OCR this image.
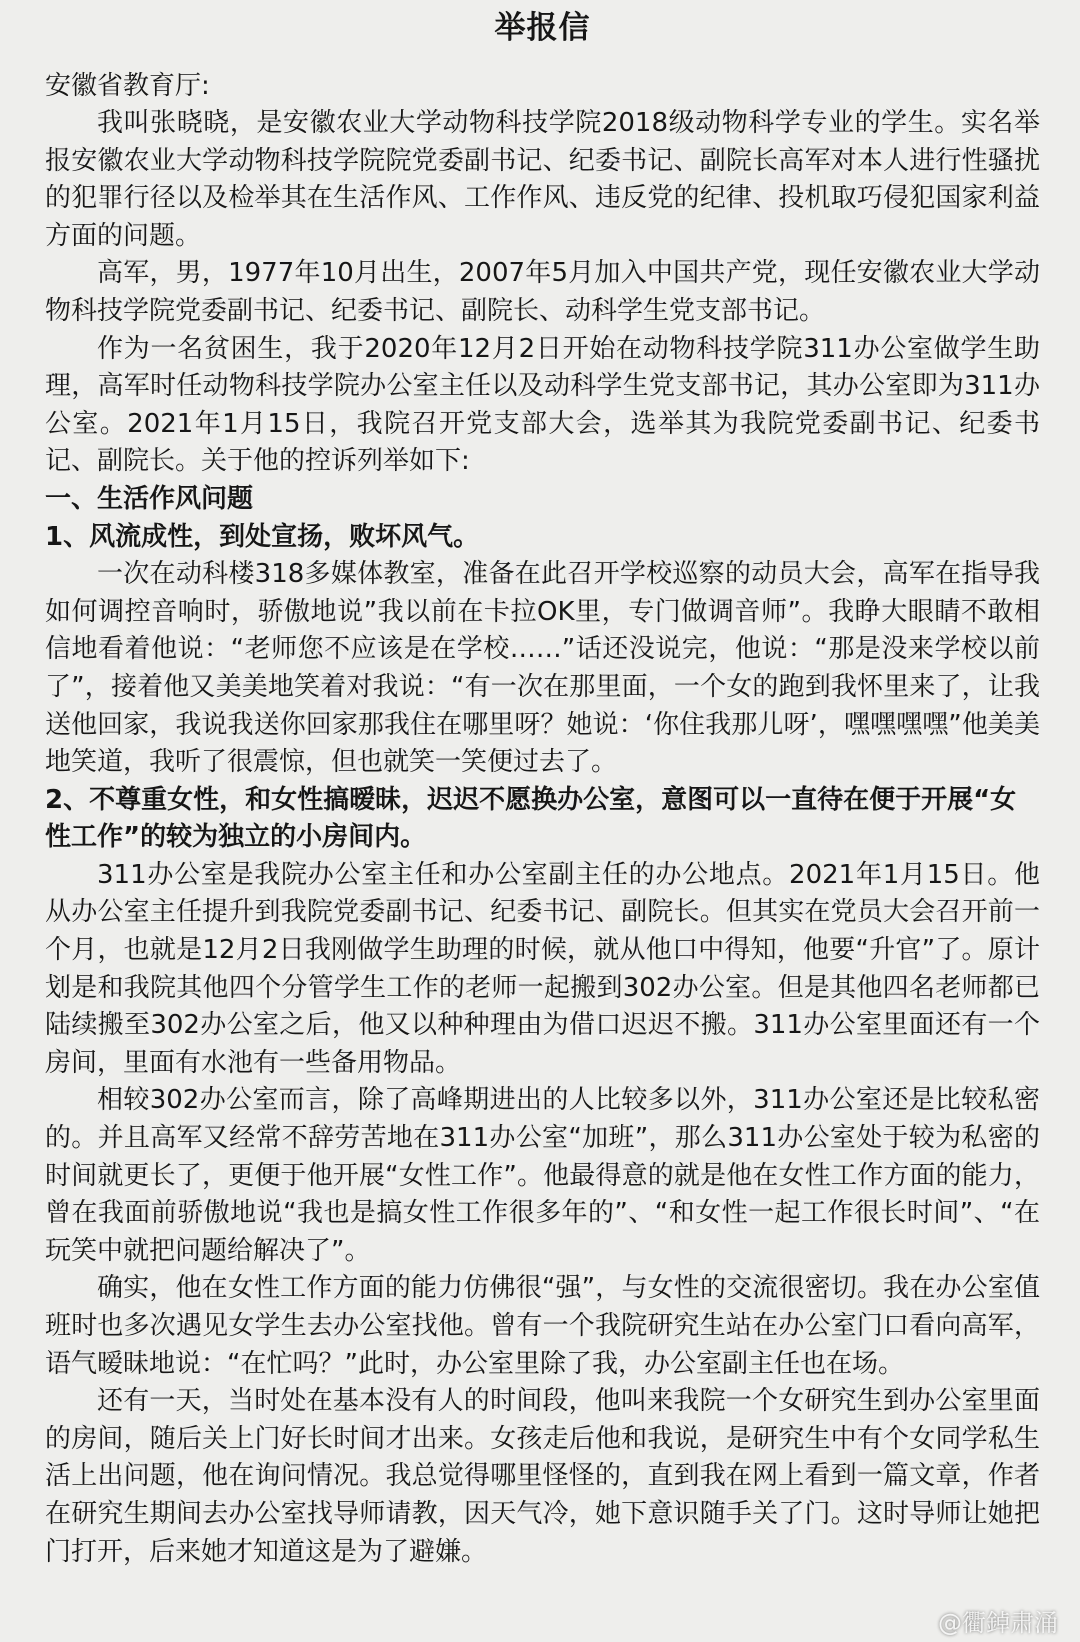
举报信

安徽省教育厅:

我叫张晓晓，是安徽农业大学动物科技学院2018级动物科学专业的学生。实名举报安徽农业大学动物科技学院院党委副书记、纪委书记、副院长高军对本人进行性骚扰的犯罪行径以及检举其在生活作风、工作作风、违反党的纪律、投机取巧侵犯国家利益方面的问题。

高军，男，1977年10月出生，2007年5月加入中国共产党，现任安徽农业大学动物科技学院党委副书记、纪委书记、副院长、动科学生党支部书记。

作为一名贫困生，我于2020年12月2日开始在动物科技学院311办公室做学生助理，高军时任动物科技学院办公室主任以及动科学生党支部书记，其办公室即为311办公室。2021年1月15日，我院召开党支部大会，选举其为我院党委副书记、纪委书记、副院长。关于他的控诉列举如下:

一、生活作风问题

1、风流成性，到处宣扬，败坏风气。

一次在动科楼318多媒体教室，准备在此召开学校巡察的动员大会，高军在指导我如何调控音响时，骄傲地说”我以前在卡拉OK里，专门做调音师”。我睁大眼睛不敢相信地看着他说：“老师您不应该是在学校……”话还没说完，他说：“那是没来学校以前了”，接着他又美美地笑着对我说：“有一次在那里面，一个女的跑到我怀里来了，让我送他回家，我说我送你回家那我住在哪里呀？她说：‘你住我那儿呀’，嘿嘿嘿嘿”他美美地笑道，我听了很震惊，但也就笑一笑便过去了。

2、不尊重女性，和女性搞暧昧，迟迟不愿换办公室，意图可以一直待在便于开展“女性工作”的较为独立的小房间内。

311办公室是我院办公室主任和办公室副主任的办公地点。2021年1月15日。他从办公室主任提升到我院党委副书记、纪委书记、副院长。但其实在党员大会召开前一个月，也就是12月2日我刚做学生助理的时候，就从他口中得知，他要“升官”了。原计划是和我院其他四个分管学生工作的老师一起搬到302办公室。但是其他四名老师都已陆续搬至302办公室之后，他又以种种理由为借口迟迟不搬。311办公室里面还有一个房间，里面有水池有一些备用物品。

相较302办公室而言，除了高峰期进出的人比较多以外，311办公室还是比较私密的。并且高军又经常不辞劳苦地在311办公室“加班”，那么311办公室处于较为私密的时间就更长了，更便于他开展“女性工作”。他最得意的就是他在女性工作方面的能力，曾在我面前骄傲地说“我也是搞女性工作很多年的”、“和女性一起工作很长时间”、“在玩笑中就把问题给解决了”。

确实，他在女性工作方面的能力仿佛很“强”，与女性的交流很密切。我在办公室值班时也多次遇见女学生去办公室找他。曾有一个我院研究生站在办公室门口看向高军，语气暧昧地说：“在忙吗？”此时，办公室里除了我，办公室副主任也在场。

还有一天，当时处在基本没有人的时间段，他叫来我院一个女研究生到办公室里面的房间，随后关上门好长时间才出来。女孩走后他和我说，是研究生中有个女同学私生活上出问题，他在询问情况。我总觉得哪里怪怪的，直到我在网上看到一篇文章，作者在研究生期间去办公室找导师请教，因天气冷，她下意识随手关了门。这时导师让她把门打开，后来她才知道这是为了避嫌。

@衢鋽肃涌
